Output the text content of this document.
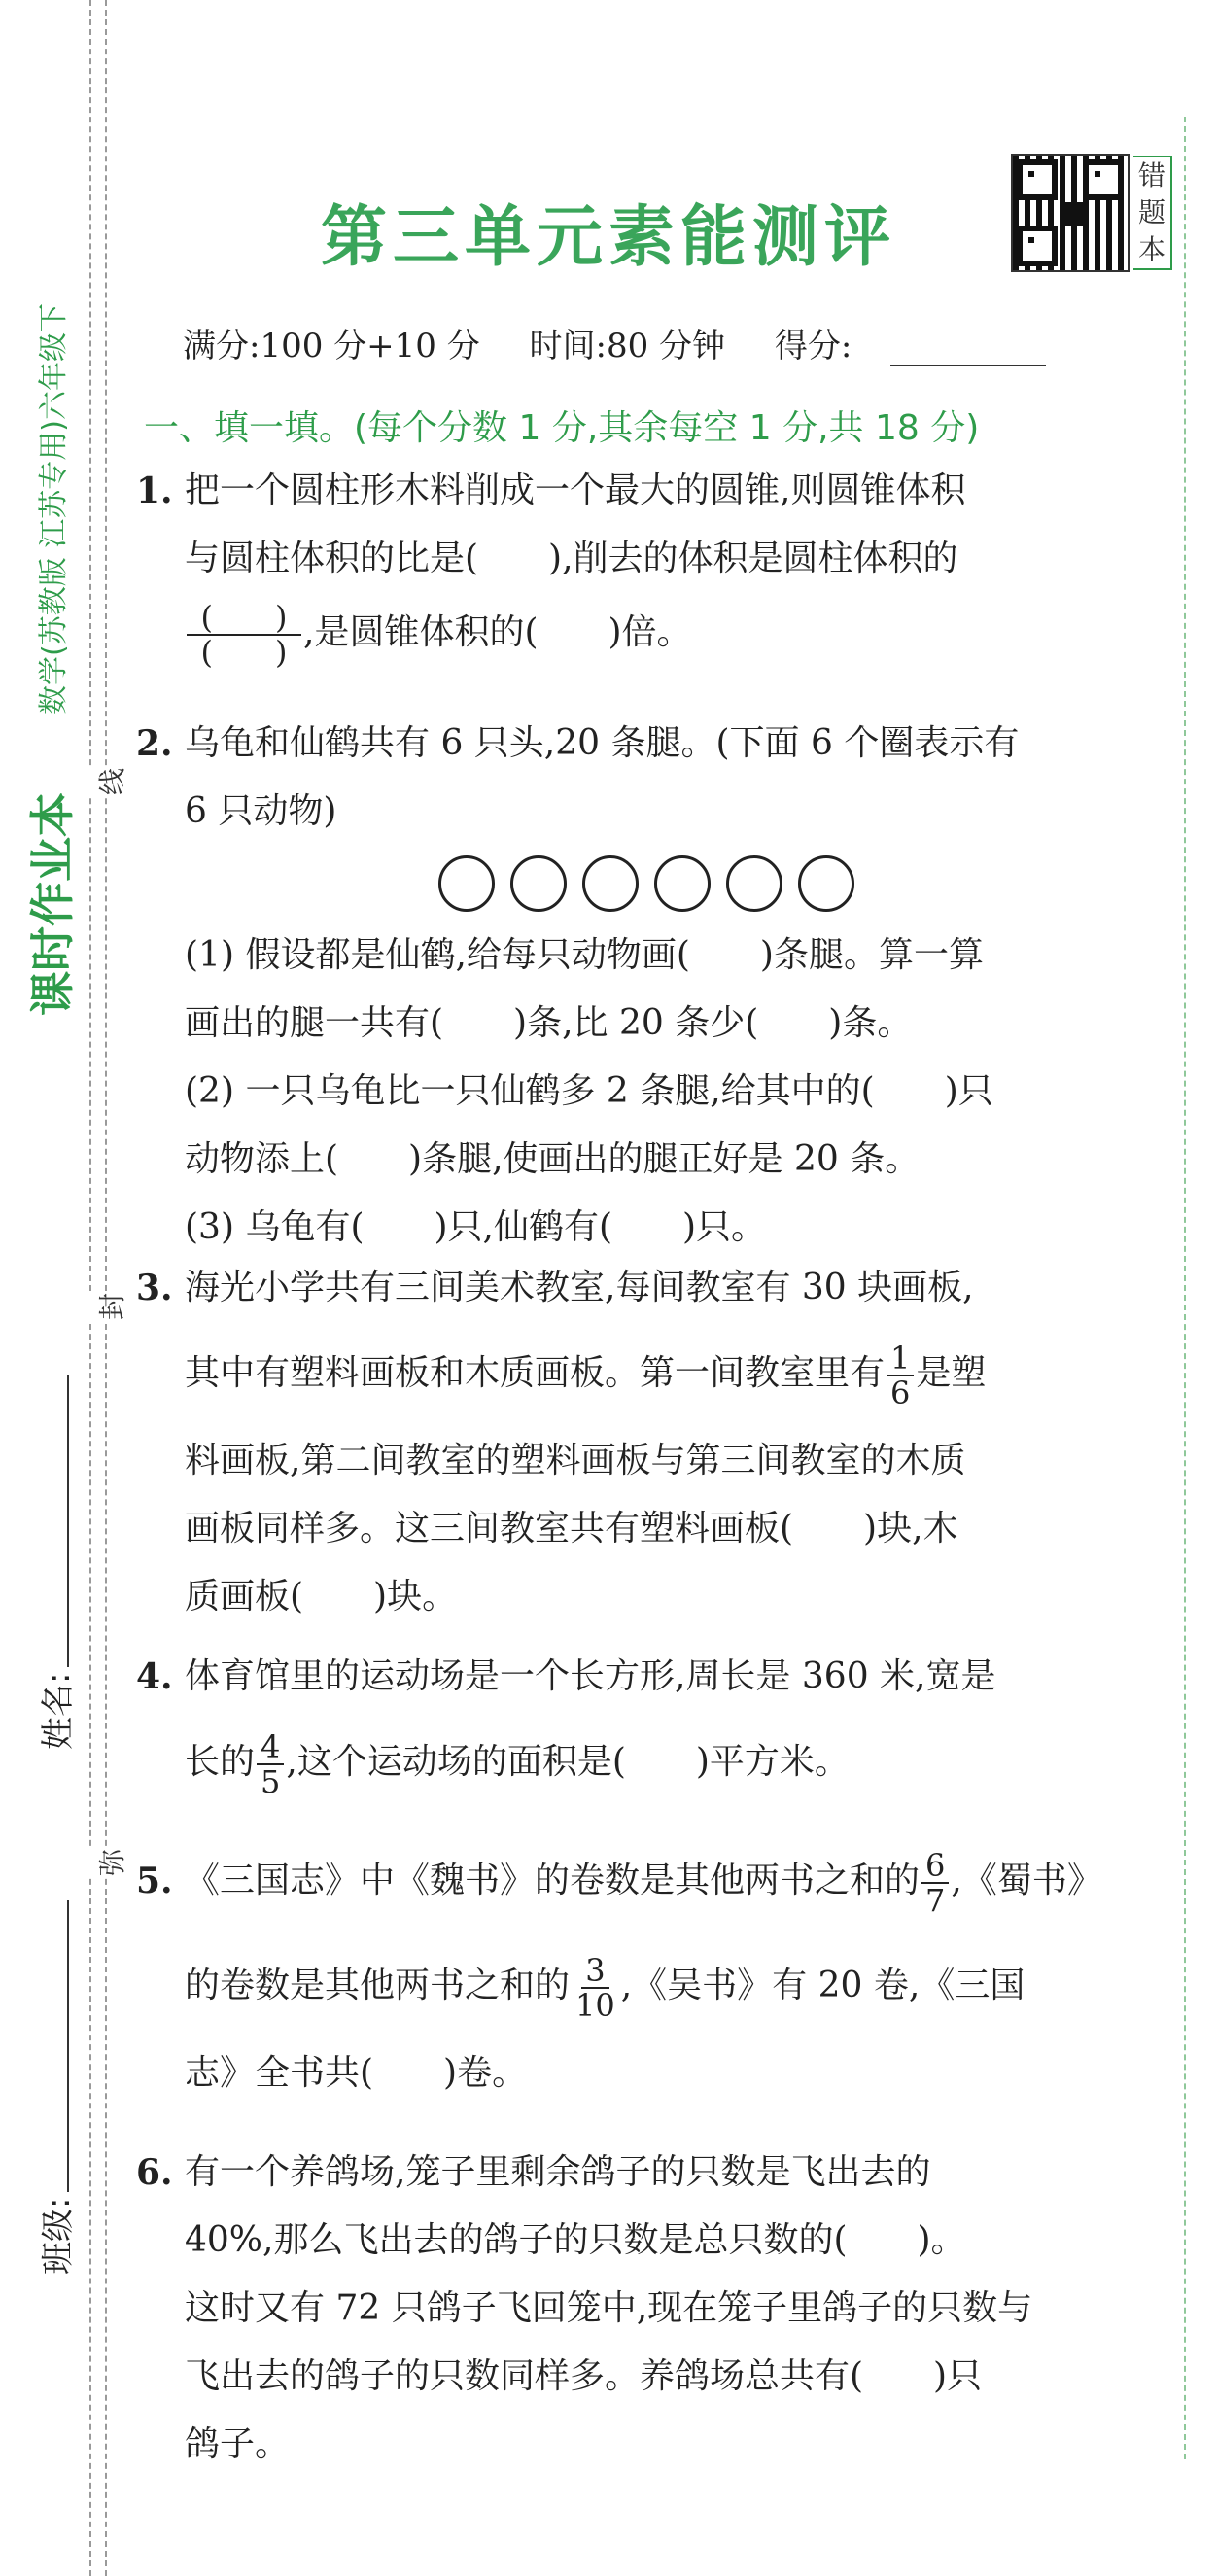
数学(苏教版 江苏专用)六年级下
课时作业本
线
封
弥
姓名:
班级:
第三单元素能测评
错
题
本
满分:100 分+10 分 时间:80 分钟 得分:
一、填一填。(每个分数 1 分,其余每空 1 分,共 18 分)
1. 把一个圆柱形木料削成一个最大的圆锥,则圆锥体积
与圆柱体积的比是(　　),削去的体积是圆柱体积的
$\frac{( )}{( )}$ ,是圆锥体积的(　　)倍。
2. 乌龟和仙鹤共有 6 只头,20 条腿。(下面 6 个圈表示有
6 只动物)
(1) 假设都是仙鹤,给每只动物画(　　)条腿。算一算
画出的腿一共有(　　)条,比 20 条少(　　)条。
(2) 一只乌龟比一只仙鹤多 2 条腿,给其中的(　　)只
动物添上(　　)条腿,使画出的腿正好是 20 条。
(3) 乌龟有(　　)只,仙鹤有(　　)只。
3. 海光小学共有三间美术教室,每间教室有 30 块画板,
其中有塑料画板和木质画板。第一间教室里有 $\frac{1}{6}$ 是塑
料画板,第二间教室的塑料画板与第三间教室的木质
画板同样多。这三间教室共有塑料画板(　　)块,木
质画板(　　)块。
4. 体育馆里的运动场是一个长方形,周长是 360 米,宽是
长的 $\frac{4}{5}$ ,这个运动场的面积是(　　)平方米。
5. 《三国志》中《魏书》的卷数是其他两书之和的 $\frac{6}{7}$ ,《蜀书》
的卷数是其他两书之和的 $\frac{3}{10}$ ,《吴书》有 20 卷,《三国
志》全书共(　　)卷。
6. 有一个养鸽场,笼子里剩余鸽子的只数是飞出去的
40%,那么飞出去的鸽子的只数是总只数的(　　)。
这时又有 72 只鸽子飞回笼中,现在笼子里鸽子的只数与
飞出去的鸽子的只数同样多。养鸽场总共有(　　)只
鸽子。
